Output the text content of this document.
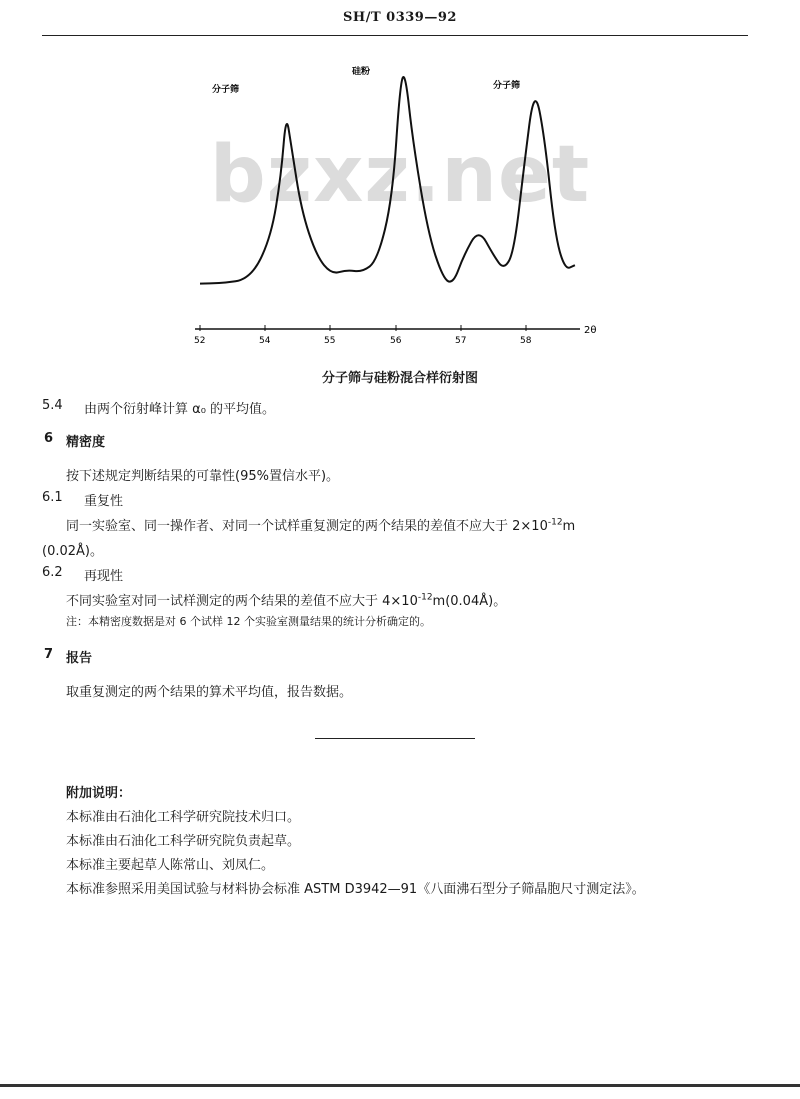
SH/T 0339—92
bzxz.net
52	54	55	56	57	58
2θ
分子筛
硅粉
分子筛
分子筛与硅粉混合样衍射图
5.4 由两个衍射峰计算 α₀ 的平均值。
6 精密度
按下述规定判断结果的可靠性(95%置信水平)。
6.1 重复性
同一实验室、同一操作者、对同一个试样重复测定的两个结果的差值不应大于 $2\times 10^{-12}m$
(0.02Å)。
6.2 再现性
不同实验室对同一试样测定的两个结果的差值不应大于 $4\times 10^{-12}m(0.04Å)$。
注：本精密度数据是对 6 个试样 12 个实验室测量结果的统计分析确定的。
7 报告
取重复测定的两个结果的算术平均值，报告数据。
附加说明：
本标准由石油化工科学研究院技术归口。
本标准由石油化工科学研究院负责起草。
本标准主要起草人陈常山、刘凤仁。
本标准参照采用美国试验与材料协会标准 ASTM D3942—91《八面沸石型分子筛晶胞尺寸测定法》。
